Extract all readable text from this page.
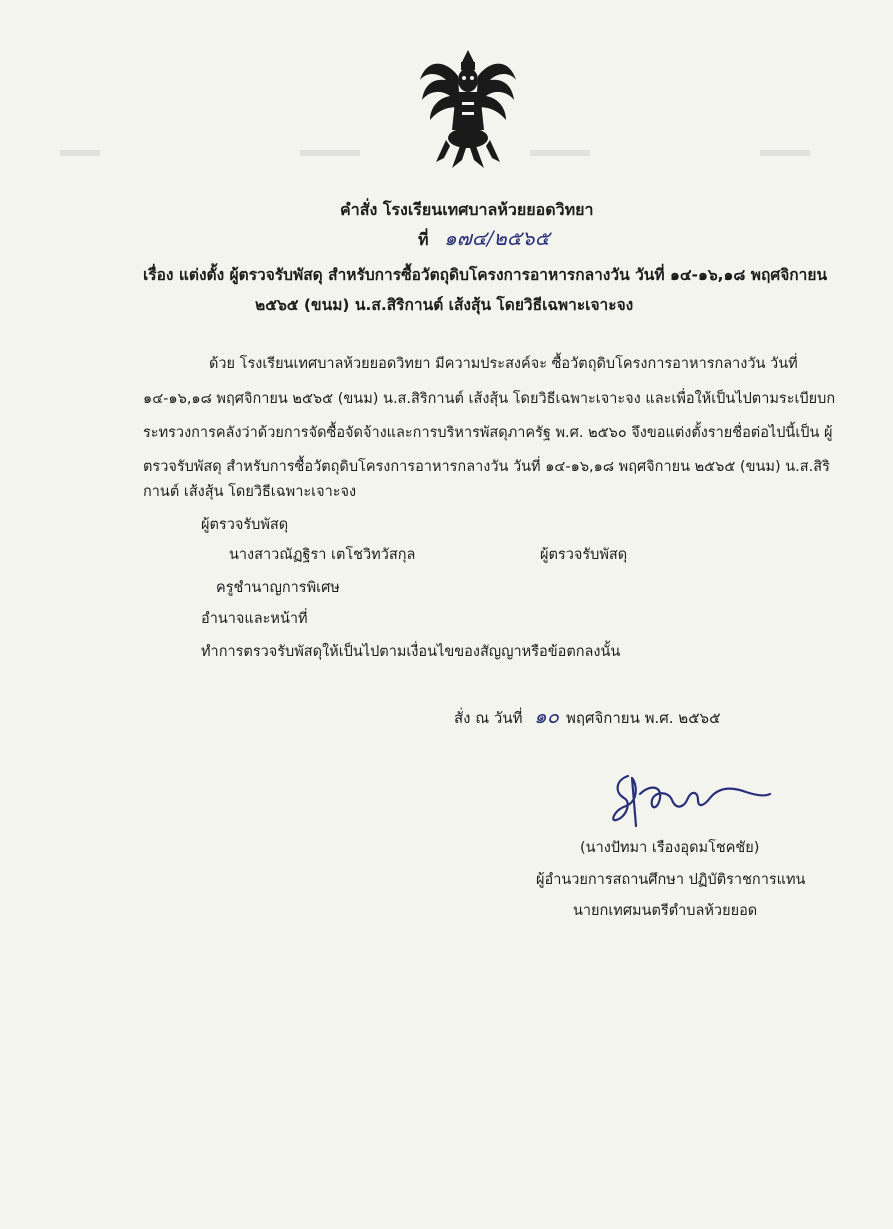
คำสั่ง โรงเรียนเทศบาลห้วยยอดวิทยา
ที่ ๑๗๔/๒๕๖๕
เรื่อง แต่งตั้ง ผู้ตรวจรับพัสดุ สำหรับการซื้อวัตถุดิบโครงการอาหารกลางวัน วันที่ ๑๔-๑๖,๑๘ พฤศจิกายน
๒๕๖๕ (ขนม) น.ส.สิริกานต์ เส้งสุ้น โดยวิธีเฉพาะเจาะจง
ด้วย โรงเรียนเทศบาลห้วยยอดวิทยา มีความประสงค์จะ ซื้อวัตถุดิบโครงการอาหารกลางวัน วันที่
๑๔-๑๖,๑๘ พฤศจิกายน ๒๕๖๕ (ขนม) น.ส.สิริกานต์ เส้งสุ้น โดยวิธีเฉพาะเจาะจง และเพื่อให้เป็นไปตามระเบียบก
ระทรวงการคลังว่าด้วยการจัดซื้อจัดจ้างและการบริหารพัสดุภาครัฐ พ.ศ. ๒๕๖๐ จึงขอแต่งตั้งรายชื่อต่อไปนี้เป็น ผู้
ตรวจรับพัสดุ สำหรับการซื้อวัตถุดิบโครงการอาหารกลางวัน วันที่ ๑๔-๑๖,๑๘ พฤศจิกายน ๒๕๖๕ (ขนม) น.ส.สิริ
กานต์ เส้งสุ้น โดยวิธีเฉพาะเจาะจง
ผู้ตรวจรับพัสดุ
นางสาวณัฏฐิรา เตโชวิทวัสกุล	ผู้ตรวจรับพัสดุ
ครูชำนาญการพิเศษ
อำนาจและหน้าที่
ทำการตรวจรับพัสดุให้เป็นไปตามเงื่อนไขของสัญญาหรือข้อตกลงนั้น
สั่ง ณ วันที่ ๑๐ พฤศจิกายน พ.ศ. ๒๕๖๕
(นางปัทมา เรืองอุดมโชคชัย)
ผู้อำนวยการสถานศึกษา ปฏิบัติราชการแทน
นายกเทศมนตรีตำบลห้วยยอด
